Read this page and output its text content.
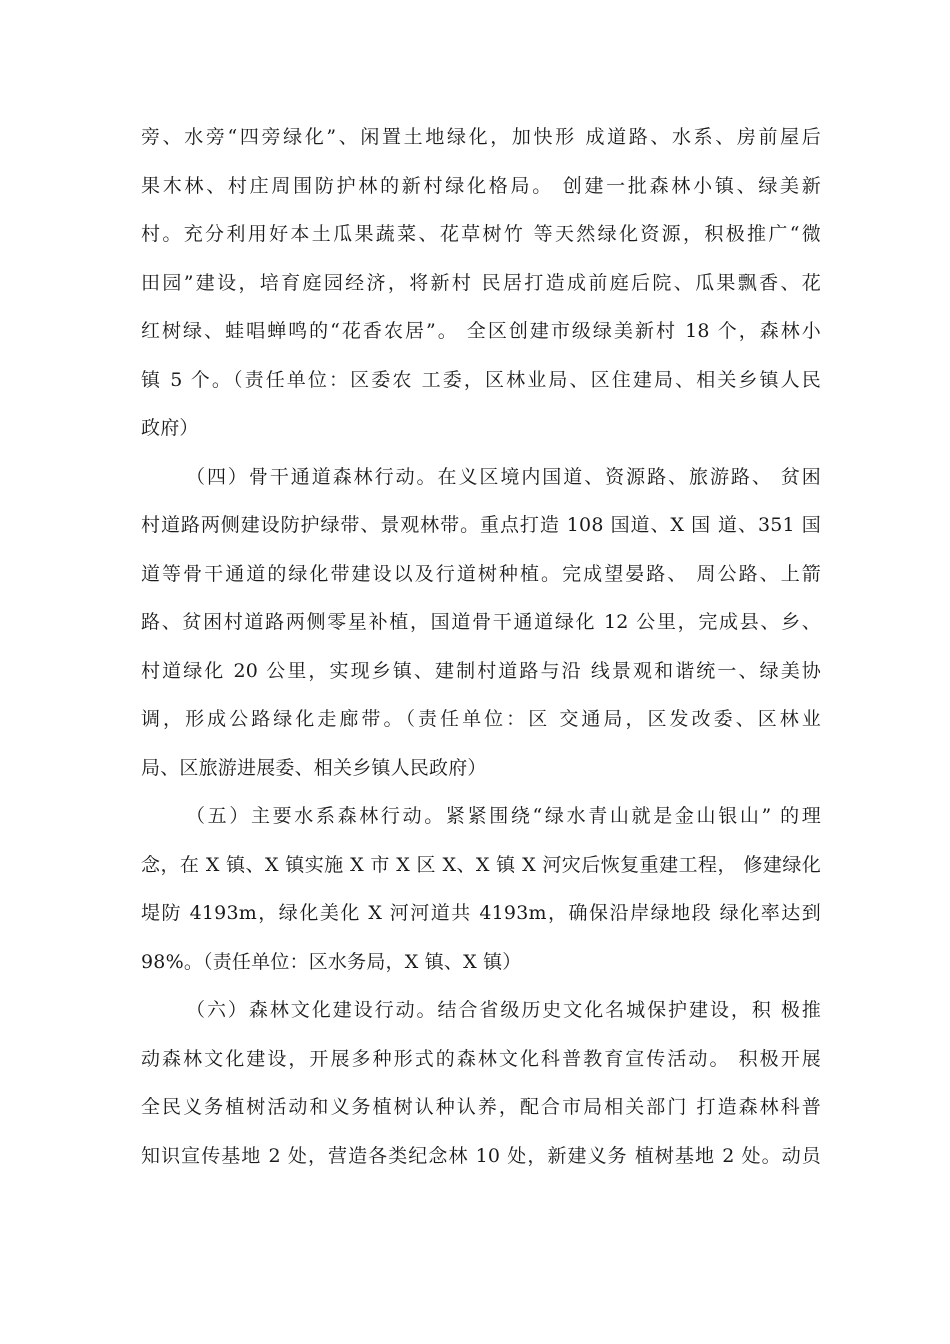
旁、水旁“四旁绿化”、闲置土地绿化，加快形 成道路、水系、房前屋后
果木林、村庄周围防护林的新村绿化格局。 创建一批森林小镇、绿美新
村。充分利用好本土瓜果蔬菜、花草树竹 等天然绿化资源，积极推广“微
田园”建设，培育庭园经济，将新村 民居打造成前庭后院、瓜果飘香、花
红树绿、蛙唱蝉鸣的“花香农居”。 全区创建市级绿美新村 18 个，森林小
镇 5 个。（责任单位：区委农 工委，区林业局、区住建局、相关乡镇人民
政府）
（四）骨干通道森林行动。在义区境内国道、资源路、旅游路、 贫困
村道路两侧建设防护绿带、景观林带。重点打造 108 国道、X 国 道、351 国
道等骨干通道的绿化带建设以及行道树种植。完成望晏路、 周公路、上箭
路、贫困村道路两侧零星补植，国道骨干通道绿化 12 公里，完成县、乡、
村道绿化 20 公里，实现乡镇、建制村道路与沿 线景观和谐统一、绿美协
调，形成公路绿化走廊带。（责任单位：区 交通局，区发改委、区林业
局、区旅游进展委、相关乡镇人民政府）
（五）主要水系森林行动。紧紧围绕“绿水青山就是金山银山” 的理
念，在 X 镇、X 镇实施 X 市 X 区 X、X 镇 X 河灾后恢复重建工程， 修建绿化
堤防 4193m，绿化美化 X 河河道共 4193m，确保沿岸绿地段 绿化率达到
98%。（责任单位：区水务局，X 镇、X 镇）
（六）森林文化建设行动。结合省级历史文化名城保护建设，积 极推
动森林文化建设，开展多种形式的森林文化科普教育宣传活动。 积极开展
全民义务植树活动和义务植树认种认养，配合市局相关部门 打造森林科普
知识宣传基地 2 处，营造各类纪念林 10 处，新建义务 植树基地 2 处。动员
